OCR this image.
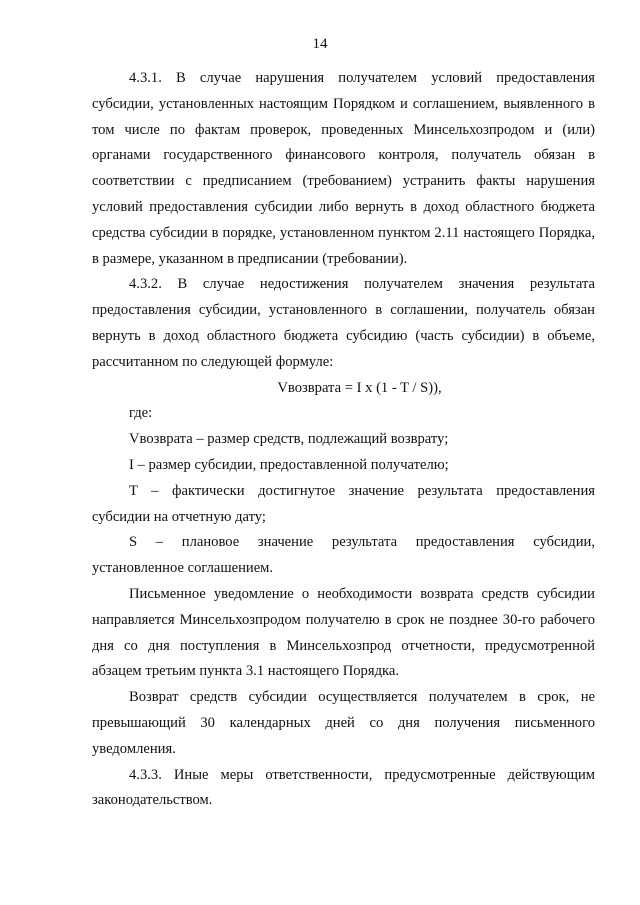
14

4.3.1. В случае нарушения получателем условий предоставления субсидии, установленных настоящим Порядком и соглашением, выявленного в том числе по фактам проверок, проведенных Минсельхозпродом и (или) органами государственного финансового контроля, получатель обязан в соответствии с предписанием (требованием) устранить факты нарушения условий предоставления субсидии либо вернуть в доход областного бюджета средства субсидии в порядке, установленном пунктом 2.11 настоящего Порядка, в размере, указанном в предписании (требовании).

4.3.2. В случае недостижения получателем значения результата предоставления субсидии, установленного в соглашении, получатель обязан вернуть в доход областного бюджета субсидию (часть субсидии) в объеме, рассчитанном по следующей формуле:

Vвозврата = I x (1 - T / S)),

где:

Vвозврата – размер средств, подлежащий возврату;

I – размер субсидии, предоставленной получателю;

T – фактически достигнутое значение результата предоставления субсидии на отчетную дату;

S – плановое значение результата предоставления субсидии, установленное соглашением.

Письменное уведомление о необходимости возврата средств субсидии направляется Минсельхозпродом получателю в срок не позднее 30-го рабочего дня со дня поступления в Минсельхозпрод отчетности, предусмотренной абзацем третьим пункта 3.1 настоящего Порядка.

Возврат средств субсидии осуществляется получателем в срок, не превышающий 30 календарных дней со дня получения письменного уведомления.

4.3.3. Иные меры ответственности, предусмотренные действующим законодательством.
